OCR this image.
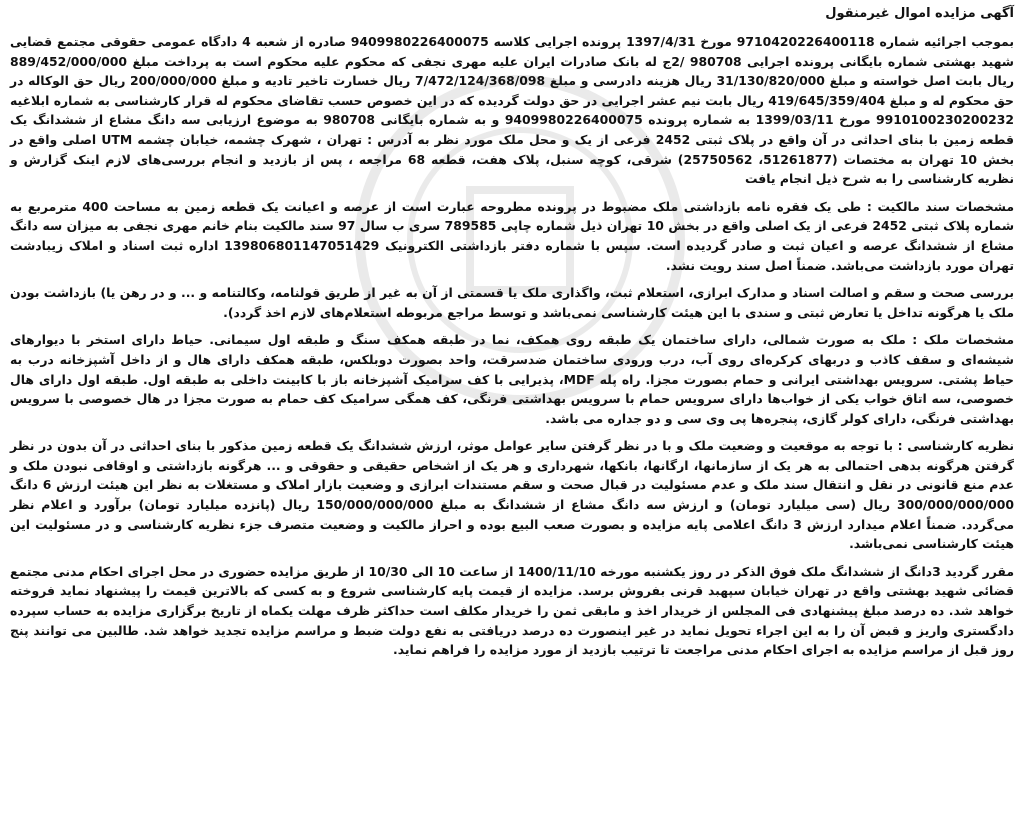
آگهی مزایده اموال غیرمنقول

بموجب اجرائیه شماره 9710420226400118 مورخ 1397/4/31 پرونده اجرایی کلاسه 9409980226400075 صادره از شعبه 4 دادگاه عمومی حقوقی مجتمع قضایی شهید بهشتی شماره بایگانی پرونده اجرایی 980708 /2ج له بانک صادرات ایران علیه مهری نجفی که محکوم علیه محکوم است به پرداخت مبلغ 889/452/000/000 ریال بابت اصل خواسته و مبلغ 31/130/820/000 ریال هزینه دادرسی و مبلغ 7/472/124/368/098 ریال خسارت تاخیر تادیه و مبلغ 200/000/000 ریال حق الوکاله در حق محکوم له و مبلغ 419/645/359/404 ریال بابت نیم عشر اجرایی در حق دولت گردیده که در این خصوص حسب تقاضای محکوم له قرار کارشناسی به شماره ابلاغیه 9910100230200232 مورخ 1399/03/11 به شماره پرونده 9409980226400075 و به شماره بایگانی 980708 به موضوع ارزیابی سه دانگ مشاع از ششدانگ یک قطعه زمین با بنای احداثی در آن واقع در پلاک ثبتی 2452 فرعی از یک و محل ملک مورد نظر به آدرس : تهران ، شهرک چشمه، خیابان چشمه UTM اصلی واقع در بخش 10 تهران به مختصات (51261877، 25750562) شرقی، کوچه سنبل، پلاک هفت، قطعه 68 مراجعه ، پس از بازدید و انجام بررسی‌های لازم اینک گزارش و نظریه کارشناسی را به شرح ذیل انجام یافت

مشخصات سند مالکیت : طی یک فقره نامه بازداشتی ملک مضبوط در پرونده مطروحه عبارت است از عرصه و اعیانت یک قطعه زمین به مساحت 400 مترمربع به شماره پلاک ثبتی 2452 فرعی از یک اصلی واقع در بخش 10 تهران ذیل شماره چاپی 789585 سری ب سال 97 سند مالکیت بنام خانم مهری نجفی به میزان سه دانگ مشاع از ششدانگ عرصه و اعیان ثبت و صادر گردیده است. سپس با شماره دفتر بازداشتی الکترونیک 139806801147051429 اداره ثبت اسناد و املاک زیبادشت تهران مورد بازداشت می‌باشد. ضمناً اصل سند رویت نشد.

بررسی صحت و سقم و اصالت اسناد و مدارک ابرازی، استعلام ثبت، واگذاری ملک یا قسمتی از آن به غیر از طریق قولنامه، وکالتنامه و ... و در رهن یا) بازداشت بودن ملک یا هرگونه تداخل یا تعارض ثبتی و سندی با این هیئت کارشناسی نمی‌باشد و توسط مراجع مربوطه استعلام‌های لازم اخذ گردد).

مشخصات ملک : ملک به صورت شمالی، دارای ساختمان یک طبقه روی همکف، نما در طبقه همکف سنگ و طبقه اول سیمانی. حیاط دارای استخر با دیوارهای شیشه‌ای و سقف کاذب و دربهای کرکره‌ای روی آب، درب ورودی ساختمان ضدسرقت، واحد بصورت دوبلکس، طبقه همکف دارای هال و از داخل آشپزخانه درب به حیاط پشتی. سرویس بهداشتی ایرانی و حمام بصورت مجزا. راه پله MDF، پذیرایی با کف سرامیک آشپزخانه باز با کابینت داخلی به طبقه اول. طبقه اول دارای هال خصوصی، سه اتاق خواب یکی از خواب‌ها دارای سرویس حمام با سرویس بهداشتی فرنگی، کف همگی سرامیک کف حمام به صورت مجزا در هال خصوصی با سرویس بهداشتی فرنگی، دارای کولر گازی، پنجره‌ها پی وی سی و دو جداره می باشد.

نظریه کارشناسی : با توجه به موقعیت و وضعیت ملک و با در نظر گرفتن سایر عوامل موثر، ارزش ششدانگ یک قطعه زمین مذکور با بنای احداثی در آن بدون در نظر گرفتن هرگونه بدهی احتمالی به هر یک از سازمانها، ارگانها، بانکها، شهرداری و هر یک از اشخاص حقیقی و حقوقی و ... هرگونه بازداشتی و اوقافی نبودن ملک و عدم منع قانونی در نقل و انتقال سند ملک و عدم مسئولیت در قبال صحت و سقم مستندات ابرازی و وضعیت بازار املاک و مستغلات به نظر این هیئت ارزش 6 دانگ 300/000/000/000 ریال (سی میلیارد تومان) و ارزش سه دانگ مشاع از ششدانگ به مبلغ 150/000/000/000 ریال (پانزده میلیارد تومان) برآورد و اعلام نظر می‌گردد. ضمناً اعلام میدارد ارزش 3 دانگ اعلامی پایه مزایده و بصورت صعب البیع بوده و احراز مالکیت و وضعیت متصرف جزء نظریه کارشناسی و در مسئولیت این هیئت کارشناسی نمی‌باشد.

مقرر گردید 3دانگ از ششدانگ ملک فوق الذکر در روز یکشنبه مورخه 1400/11/10 از ساعت 10 الی 10/30 از طریق مزایده حضوری در محل اجرای احکام مدنی مجتمع قضائی شهید بهشتی واقع در تهران خیابان سپهبد قرنی بفروش برسد. مزایده از قیمت پایه کارشناسی شروع و به کسی که بالاترین قیمت را پیشنهاد نماید فروخته خواهد شد. ده درصد مبلغ پیشنهادی فی المجلس از خریدار اخذ و مابقی ثمن را خریدار مکلف است حداکثر ظرف مهلت یکماه از تاریخ برگزاری مزایده به حساب سپرده دادگستری واریز و قبض آن را به این اجراء تحویل نماید در غیر اینصورت ده درصد دریافتی به نفع دولت ضبط و مراسم مزایده تجدید خواهد شد. طالبین می توانند پنج روز قبل از مراسم مزایده به اجرای احکام مدنی مراجعت تا ترتیب بازدید از مورد مزایده را فراهم نماید.
